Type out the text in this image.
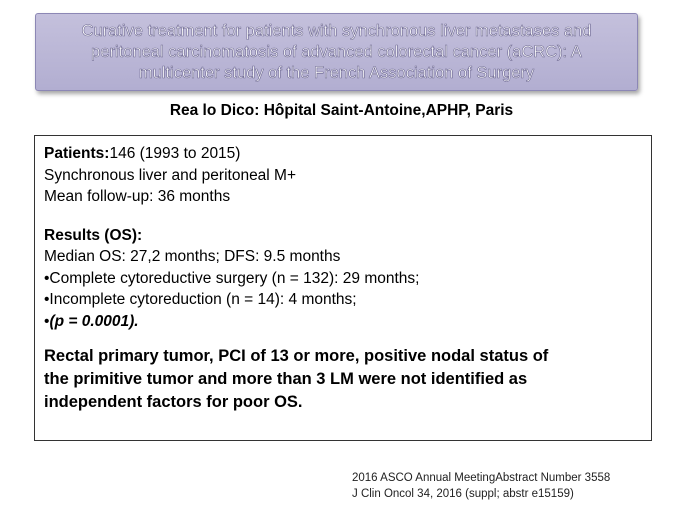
Curative treatment for patients with synchronous liver metastases and
peritoneal carcinomatosis of advanced colorectal cancer (aCRC): A
multicenter study of the French Association of Surgery
Rea lo Dico: Hôpital Saint-Antoine,APHP, Paris
Patients:146 (1993 to 2015)
Synchronous liver and peritoneal M+
Mean follow-up: 36 months
Results (OS):
Median OS: 27,2 months; DFS: 9.5 months
•Complete cytoreductive surgery (n = 132): 29 months;
•Incomplete cytoreduction (n = 14): 4 months;
•(p = 0.0001).
Rectal primary tumor, PCI of 13 or more, positive nodal status of
the primitive tumor and more than 3 LM were not identified as
independent factors for poor OS.
2016 ASCO Annual MeetingAbstract Number 3558
J Clin Oncol 34, 2016 (suppl; abstr e15159)
